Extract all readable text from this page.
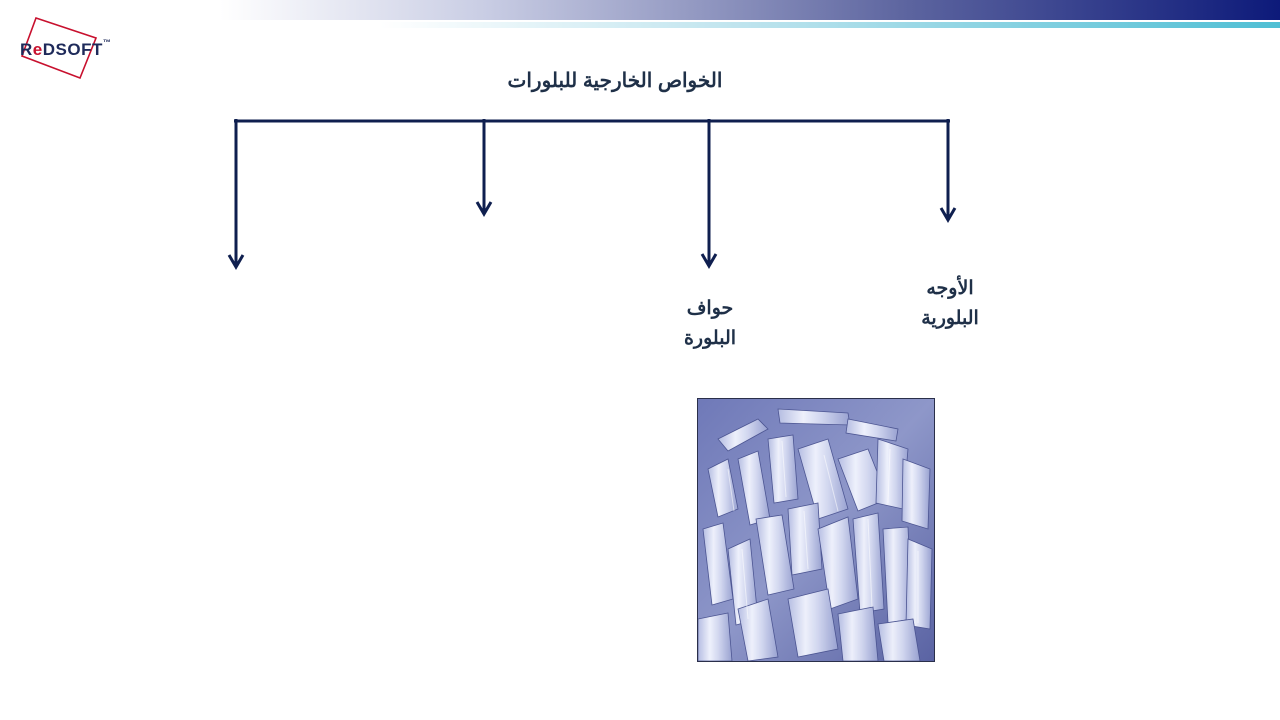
ReDSOFT™
الخواص الخارجية للبلورات
الأوجه
البلورية
حواف
البلورة
